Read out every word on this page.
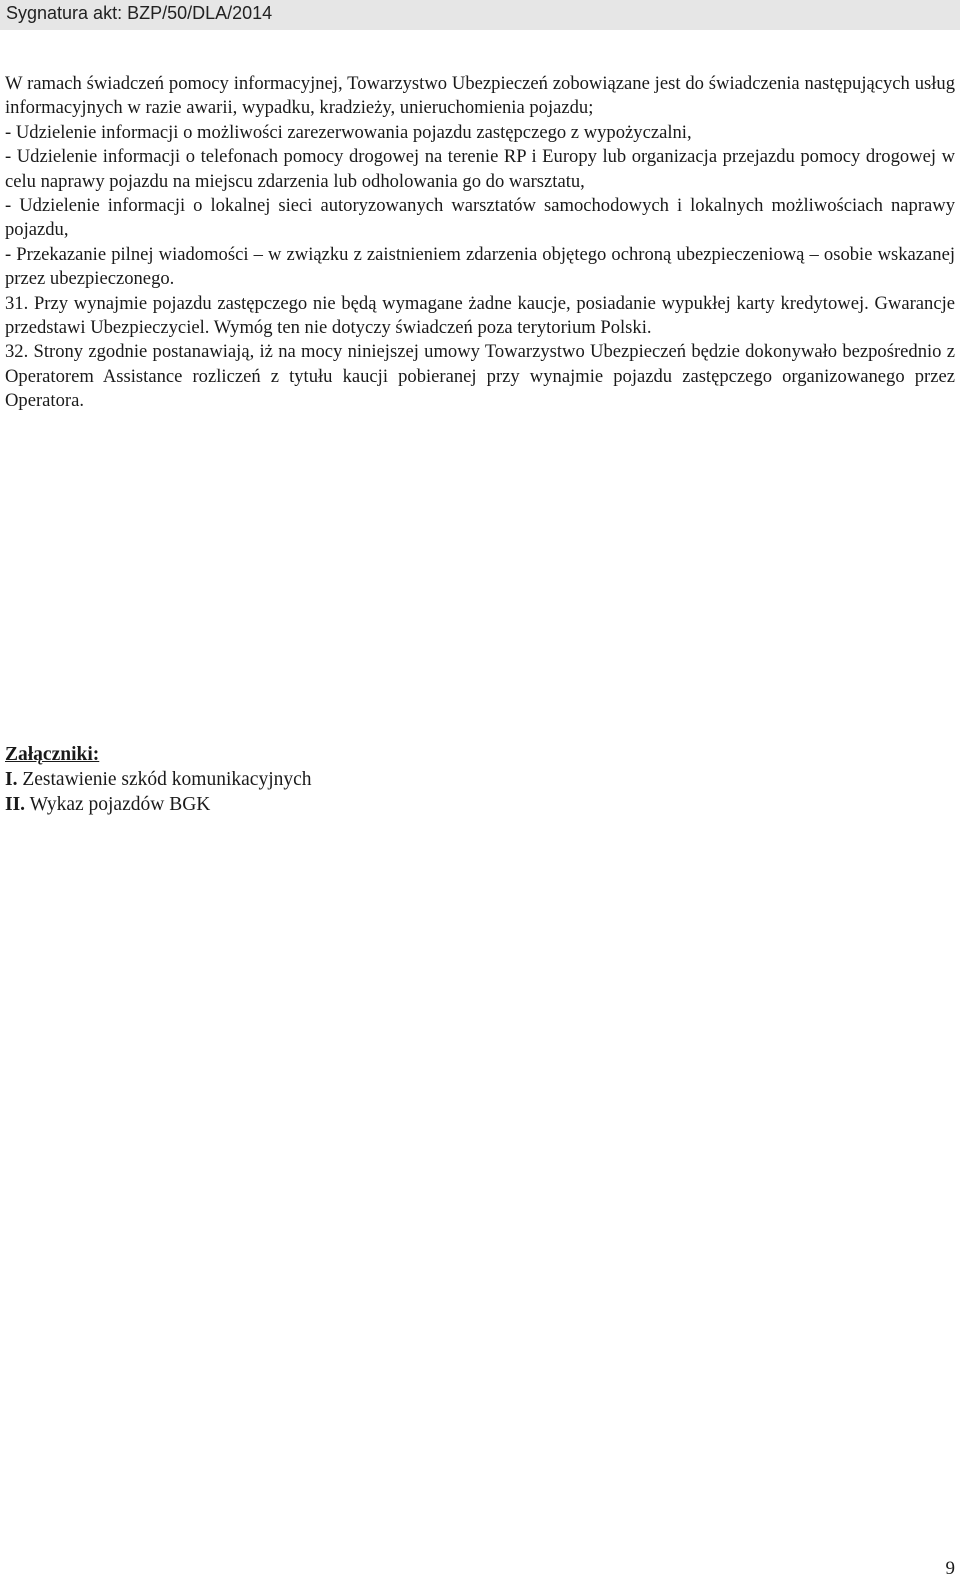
Sygnatura akt: BZP/50/DLA/2014

W ramach świadczeń pomocy informacyjnej, Towarzystwo Ubezpieczeń zobowiązane jest do świadczenia następujących usług informacyjnych w razie awarii, wypadku, kradzieży, unieruchomienia pojazdu;

- Udzielenie informacji o możliwości zarezerwowania pojazdu zastępczego z wypożyczalni,

- Udzielenie informacji o telefonach pomocy drogowej na terenie RP i Europy lub organizacja przejazdu pomocy drogowej w celu naprawy pojazdu na miejscu zdarzenia lub odholowania go do warsztatu,

- Udzielenie informacji o lokalnej sieci autoryzowanych warsztatów samochodowych i lokalnych możliwościach naprawy pojazdu,

- Przekazanie pilnej wiadomości – w związku z zaistnieniem zdarzenia objętego ochroną ubezpieczeniową – osobie wskazanej przez ubezpieczonego.

31. Przy wynajmie pojazdu zastępczego nie będą wymagane żadne kaucje, posiadanie wypukłej karty kredytowej. Gwarancje przedstawi Ubezpieczyciel. Wymóg ten nie dotyczy świadczeń poza terytorium Polski.

32. Strony zgodnie postanawiają, iż na mocy niniejszej umowy Towarzystwo Ubezpieczeń będzie dokonywało bezpośrednio z Operatorem Assistance rozliczeń z tytułu kaucji pobieranej przy wynajmie pojazdu zastępczego organizowanego przez Operatora.

Załączniki:
I. Zestawienie szkód komunikacyjnych
II. Wykaz pojazdów BGK
9
